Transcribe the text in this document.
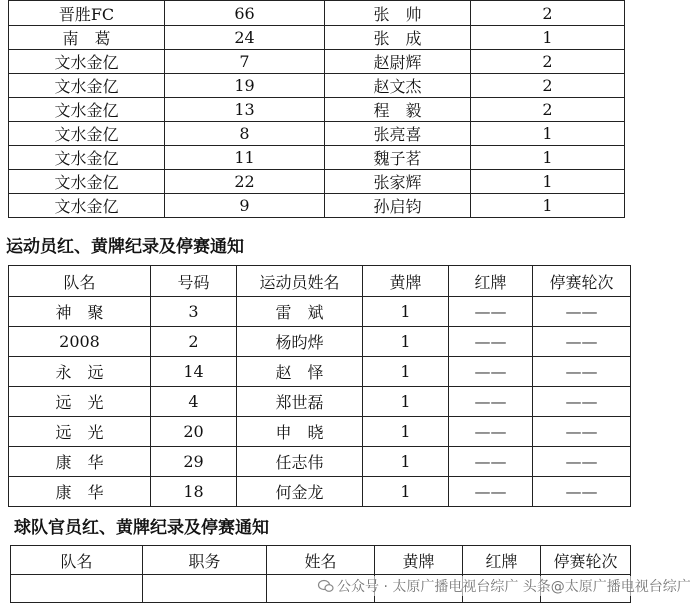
晋胜FC	66	张　帅	2
南　葛	24	张　成	1
文水金亿	7	赵尉辉	2
文水金亿	19	赵文杰	2
文水金亿	13	程　毅	2
文水金亿	8	张亮喜	1
文水金亿	11	魏子茗	1
文水金亿	22	张家辉	1
文水金亿	9	孙启钧	1
运动员红、黄牌纪录及停赛通知
队名	号码	运动员姓名	黄牌	红牌	停赛轮次
神　聚	3	雷　斌	1	——	——
2008	2	杨昀烨	1	——	——
永　远	14	赵　怿	1	——	——
远　光	4	郑世磊	1	——	——
远　光	20	申　晓	1	——	——
康　华	29	任志伟	1	——	——
康　华	18	何金龙	1	——	——
球队官员红、黄牌纪录及停赛通知
队名	职务	姓名	黄牌	红牌	停赛轮次

公众号 · 太原广播电视台综广 头条@太原广播电视台综广
